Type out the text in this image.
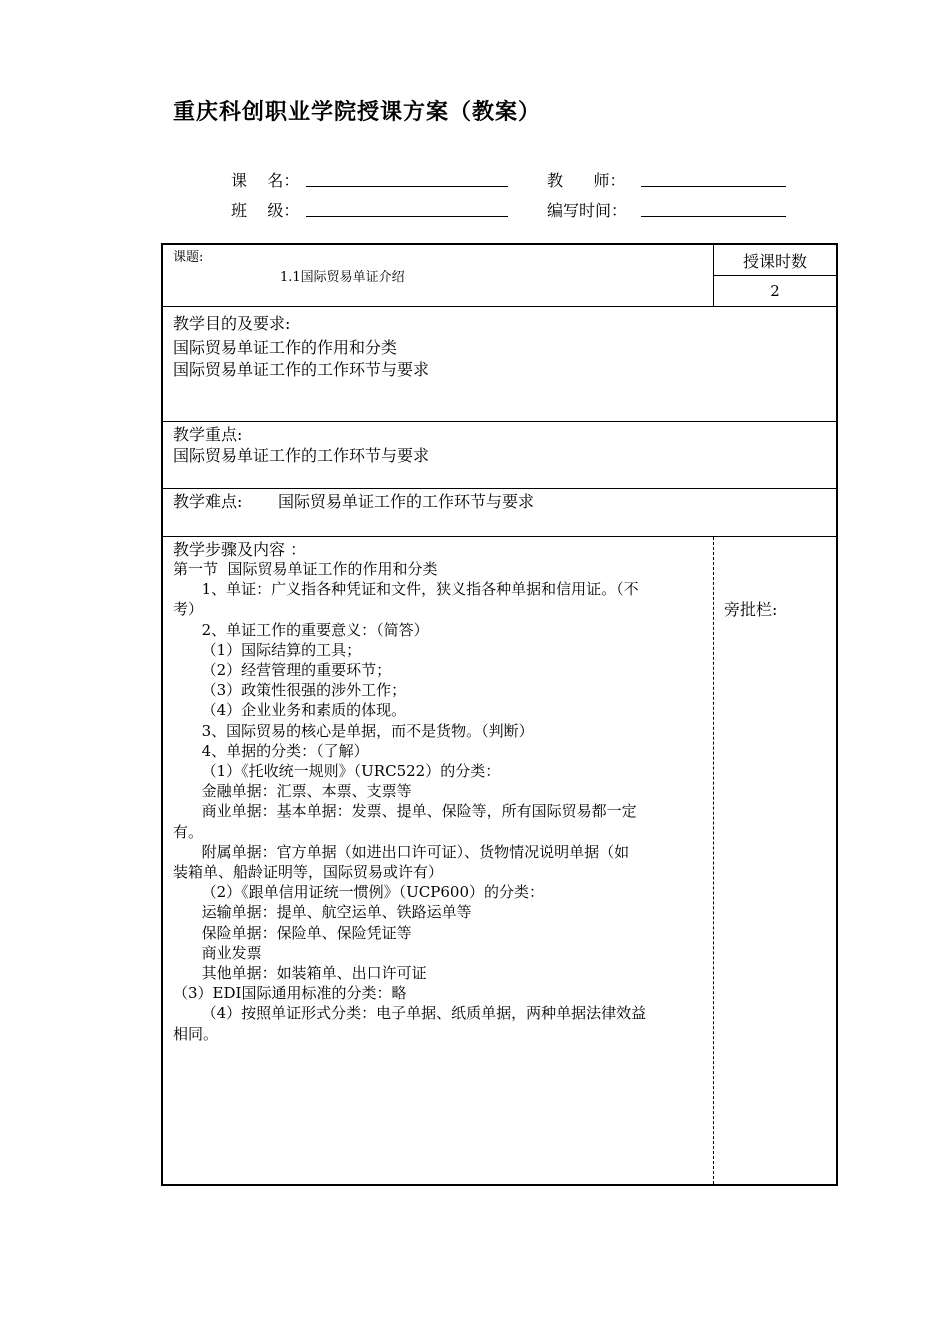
重庆科创职业学院授课方案（教案）
课    名：	教      师：
班    级：	编写时间：
课题:
1.1国际贸易单证介绍
授课时数
2
教学目的及要求:
国际贸易单证工作的作用和分类
国际贸易单证工作的工作环节与要求
教学重点:
国际贸易单证工作的工作环节与要求
教学难点: 国际贸易单证工作的工作环节与要求
教学步骤及内容 ：
第一节  国际贸易单证工作的作用和分类
1、单证：广义指各种凭证和文件，狭义指各种单据和信用证。（不
考）
2、单证工作的重要意义：（简答）
（1）国际结算的工具；
（2）经营管理的重要环节；
（3）政策性很强的涉外工作；
（4）企业业务和素质的体现。
3、国际贸易的核心是单据，而不是货物。（判断）
4、单据的分类：（了解）
（1）《托收统一规则》（URC522）的分类：
金融单据：汇票、本票、支票等
商业单据：基本单据：发票、提单、保险等，所有国际贸易都一定
有。
附属单据：官方单据（如进出口许可证）、货物情况说明单据（如
装箱单、船龄证明等，国际贸易或许有）
（2）《跟单信用证统一惯例》（UCP600）的分类：
运输单据：提单、航空运单、铁路运单等
保险单据：保险单、保险凭证等
商业发票
其他单据：如装箱单、出口许可证
（3）EDI国际通用标准的分类：略
（4）按照单证形式分类：电子单据、纸质单据，两种单据法律效益
相同。
旁批栏:
